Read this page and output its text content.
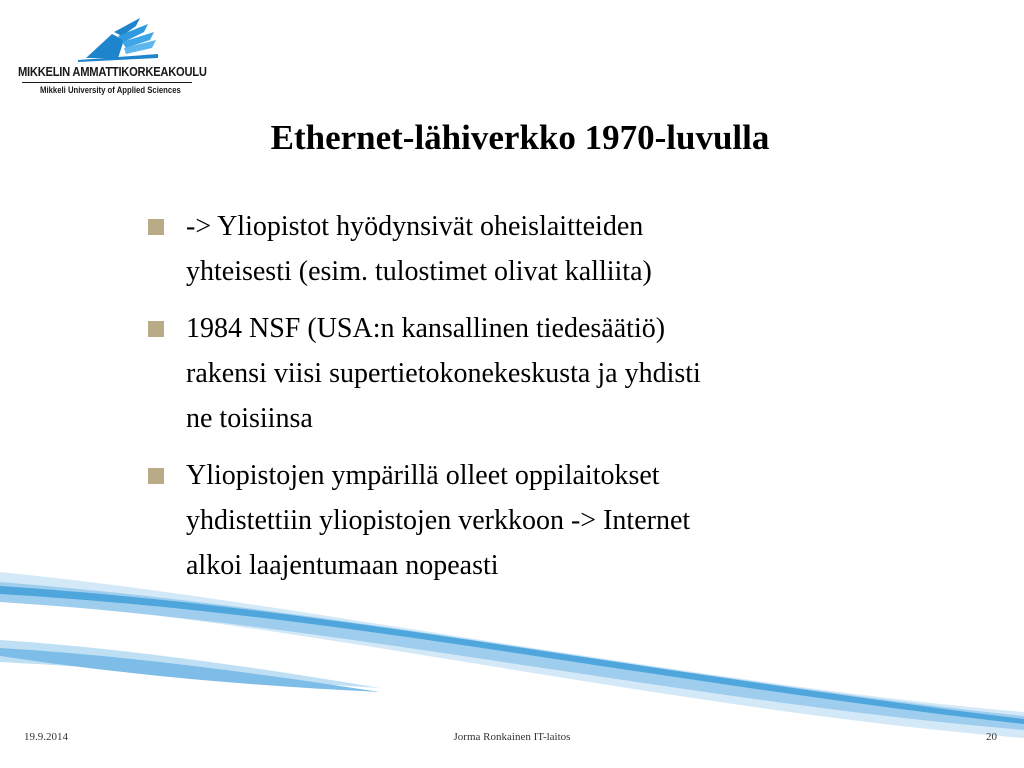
MIKKELIN AMMATTIKORKEAKOULU
Mikkeli University of Applied Sciences
Ethernet-lähiverkko 1970-luvulla
-> Yliopistot hyödynsivät oheislaitteiden
yhteisesti (esim. tulostimet olivat kalliita)
1984 NSF (USA:n kansallinen tiedesäätiö)
rakensi viisi supertietokonekeskusta ja yhdisti
ne toisiinsa
Yliopistojen ympärillä olleet oppilaitokset
yhdistettiin yliopistojen verkkoon -> Internet
alkoi laajentumaan nopeasti
19.9.2014	Jorma Ronkainen IT-laitos	20
